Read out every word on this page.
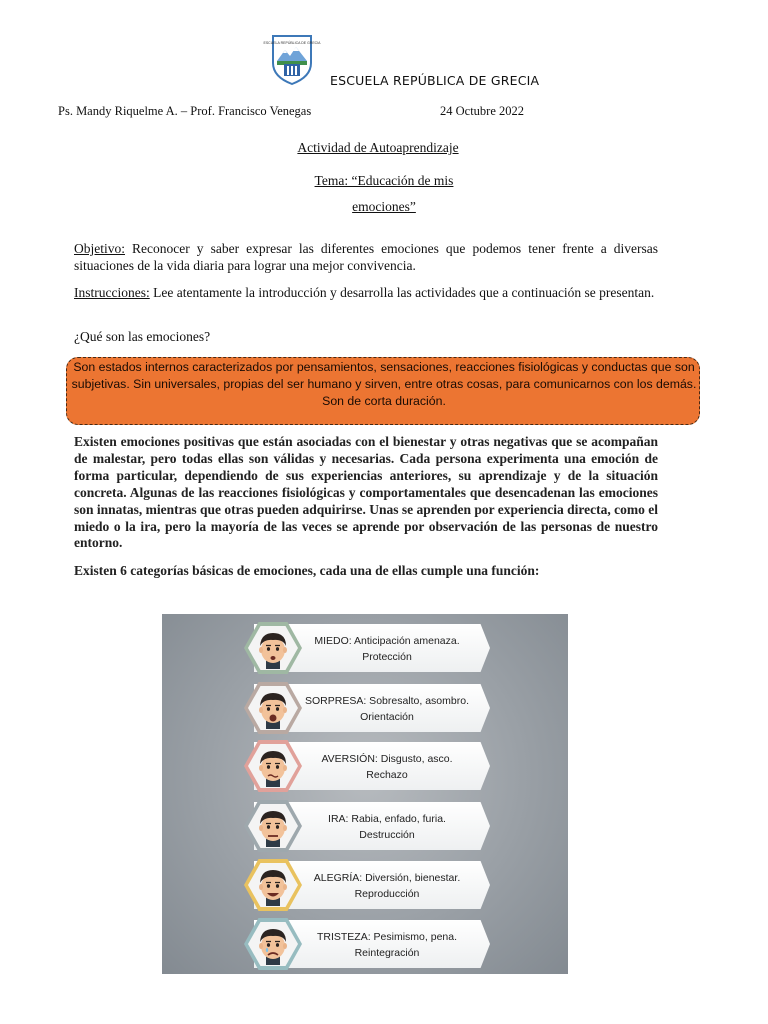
ESCUELA REPÚBLICA DE GRECIA
ESCUELA REPÚBLICA DE GRECIA
Ps. Mandy Riquelme A. – Prof. Francisco Venegas	24 Octubre 2022
Actividad de Autoaprendizaje
Tema: “Educación de mis
emociones”
Objetivo: Reconocer y saber expresar las diferentes emociones que podemos tener frente a diversas situaciones de la vida diaria para lograr una mejor convivencia.
Instrucciones: Lee atentamente la introducción y desarrolla las actividades que a continuación se presentan.
¿Qué son las emociones?
Son estados internos caracterizados por pensamientos, sensaciones, reacciones fisiológicas y conductas que son subjetivas. Sin universales, propias del ser humano y sirven, entre otras cosas, para comunicarnos con los demás. Son de corta duración.
Existen emociones positivas que están asociadas con el bienestar y otras negativas que se acompañan de malestar, pero todas ellas son válidas y necesarias. Cada persona experimenta una emoción de forma particular, dependiendo de sus experiencias anteriores, su aprendizaje y de la situación concreta. Algunas de las reacciones fisiológicas y comportamentales que desencadenan las emociones son innatas, mientras que otras pueden adquirirse. Unas se aprenden por experiencia directa, como el miedo o la ira, pero la mayoría de las veces se aprende por observación de las personas de nuestro entorno.
Existen 6 categorías básicas de emociones, cada una de ellas cumple una función:
MIEDO: Anticipación amenaza.
Protección
SORPRESA: Sobresalto, asombro.
Orientación
AVERSIÓN: Disgusto, asco.
Rechazo
IRA: Rabia, enfado, furia.
Destrucción
ALEGRÍA: Diversión, bienestar.
Reproducción
TRISTEZA: Pesimismo, pena.
Reintegración
